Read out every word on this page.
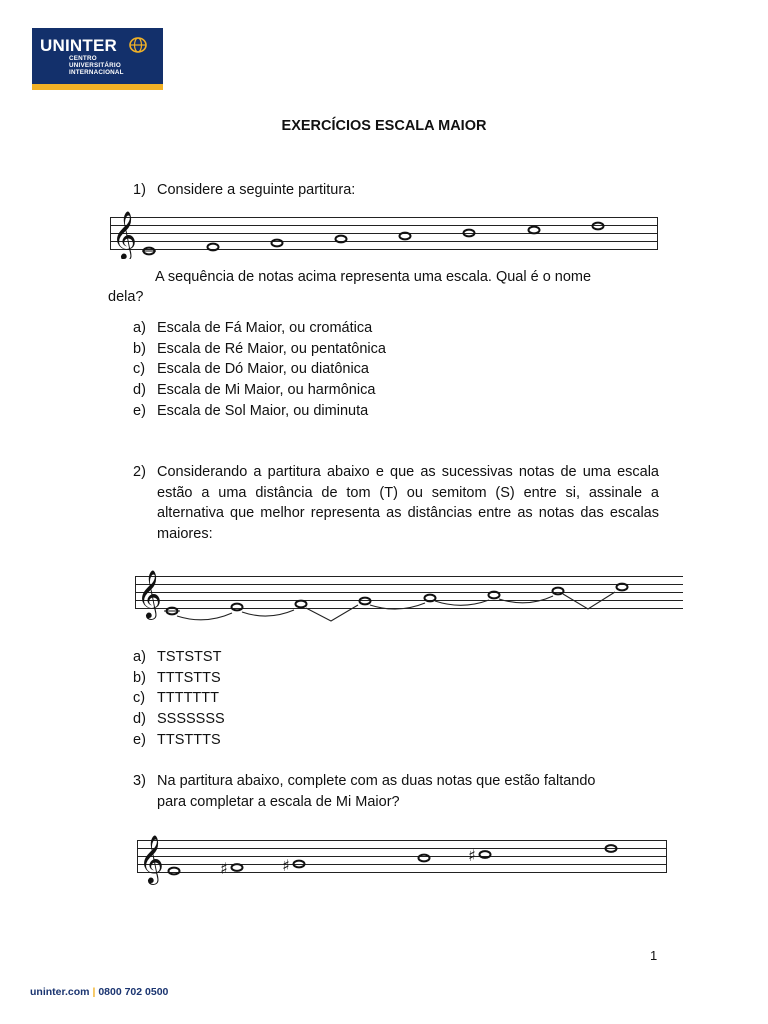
UNINTER
CENTRO
UNIVERSITÁRIO
INTERNACIONAL
EXERCÍCIOS ESCALA MAIOR
1) Considere a seguinte partitura:
𝄞
A sequência de notas acima representa uma escala. Qual é o nome
dela?
a) Escala de Fá Maior, ou cromática
b) Escala de Ré Maior, ou pentatônica
c) Escala de Dó Maior, ou diatônica
d) Escala de Mi Maior, ou harmônica
e) Escala de Sol Maior, ou diminuta
2) Considerando a partitura abaixo e que as sucessivas notas de uma escala estão a uma distância de tom (T) ou semitom (S) entre si, assinale a alternativa que melhor representa as distâncias entre as notas das escalas maiores:
𝄞
a) TSTSTST
b) TTTSTTS
c) TTTTTTT
d) SSSSSSS
e) TTSTTTS
3) Na partitura abaixo, complete com as duas notas que estão faltando
para completar a escala de Mi Maior?
𝄞	♯	♯
♯
1
uninter.com | 0800 702 0500
